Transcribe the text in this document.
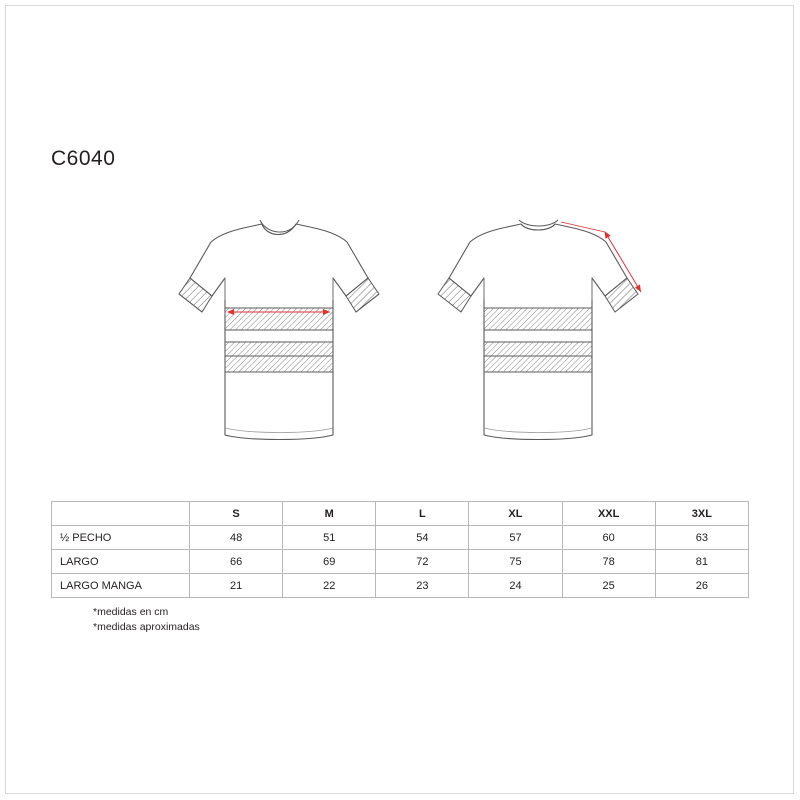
C6040
	S	M	L	XL	XXL	3XL
½ PECHO	48	51	54	57	60	63
LARGO	66	69	72	75	78	81
LARGO MANGA	21	22	23	24	25	26
*medidas en cm
*medidas aproximadas
